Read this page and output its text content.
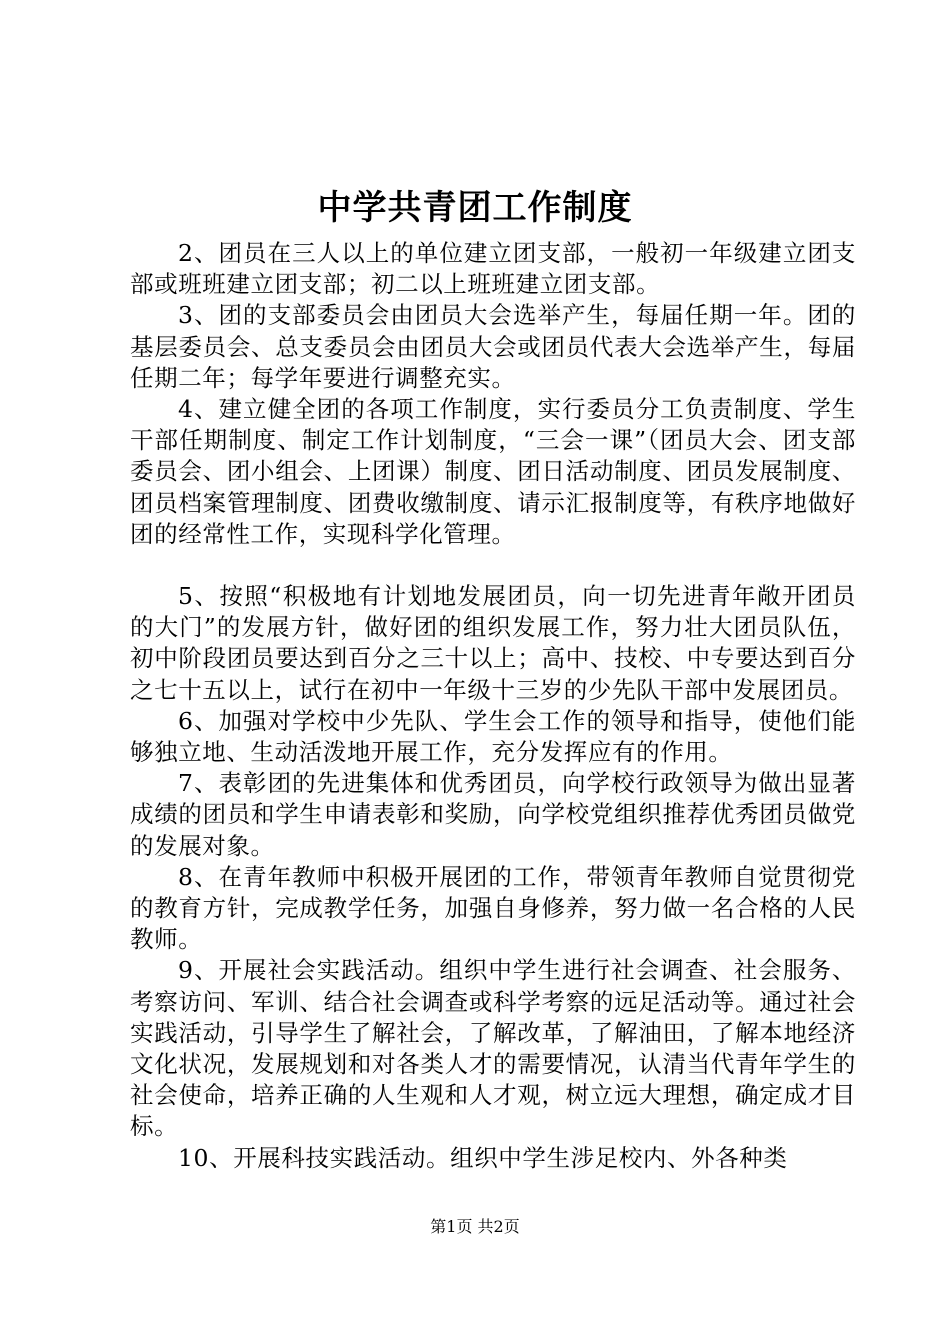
中学共青团工作制度

2、团员在三人以上的单位建立团支部，一般初一年级建立团支部或班班建立团支部；初二以上班班建立团支部。

3、团的支部委员会由团员大会选举产生，每届任期一年。团的基层委员会、总支委员会由团员大会或团员代表大会选举产生，每届任期二年；每学年要进行调整充实。

4、建立健全团的各项工作制度，实行委员分工负责制度、学生干部任期制度、制定工作计划制度，“三会一课”（团员大会、团支部委员会、团小组会、上团课）制度、团日活动制度、团员发展制度、团员档案管理制度、团费收缴制度、请示汇报制度等，有秩序地做好团的经常性工作，实现科学化管理。

5、按照“积极地有计划地发展团员，向一切先进青年敞开团员的大门”的发展方针，做好团的组织发展工作，努力壮大团员队伍，初中阶段团员要达到百分之三十以上；高中、技校、中专要达到百分之七十五以上，试行在初中一年级十三岁的少先队干部中发展团员。

6、加强对学校中少先队、学生会工作的领导和指导，使他们能够独立地、生动活泼地开展工作，充分发挥应有的作用。

7、表彰团的先进集体和优秀团员，向学校行政领导为做出显著成绩的团员和学生申请表彰和奖励，向学校党组织推荐优秀团员做党的发展对象。

8、在青年教师中积极开展团的工作，带领青年教师自觉贯彻党的教育方针，完成教学任务，加强自身修养，努力做一名合格的人民教师。

9、开展社会实践活动。组织中学生进行社会调查、社会服务、考察访问、军训、结合社会调查或科学考察的远足活动等。通过社会实践活动，引导学生了解社会，了解改革，了解油田，了解本地经济文化状况，发展规划和对各类人才的需要情况，认清当代青年学生的社会使命，培养正确的人生观和人才观，树立远大理想，确定成才目标。

10、开展科技实践活动。组织中学生涉足校内、外各种类

第1页 共2页
